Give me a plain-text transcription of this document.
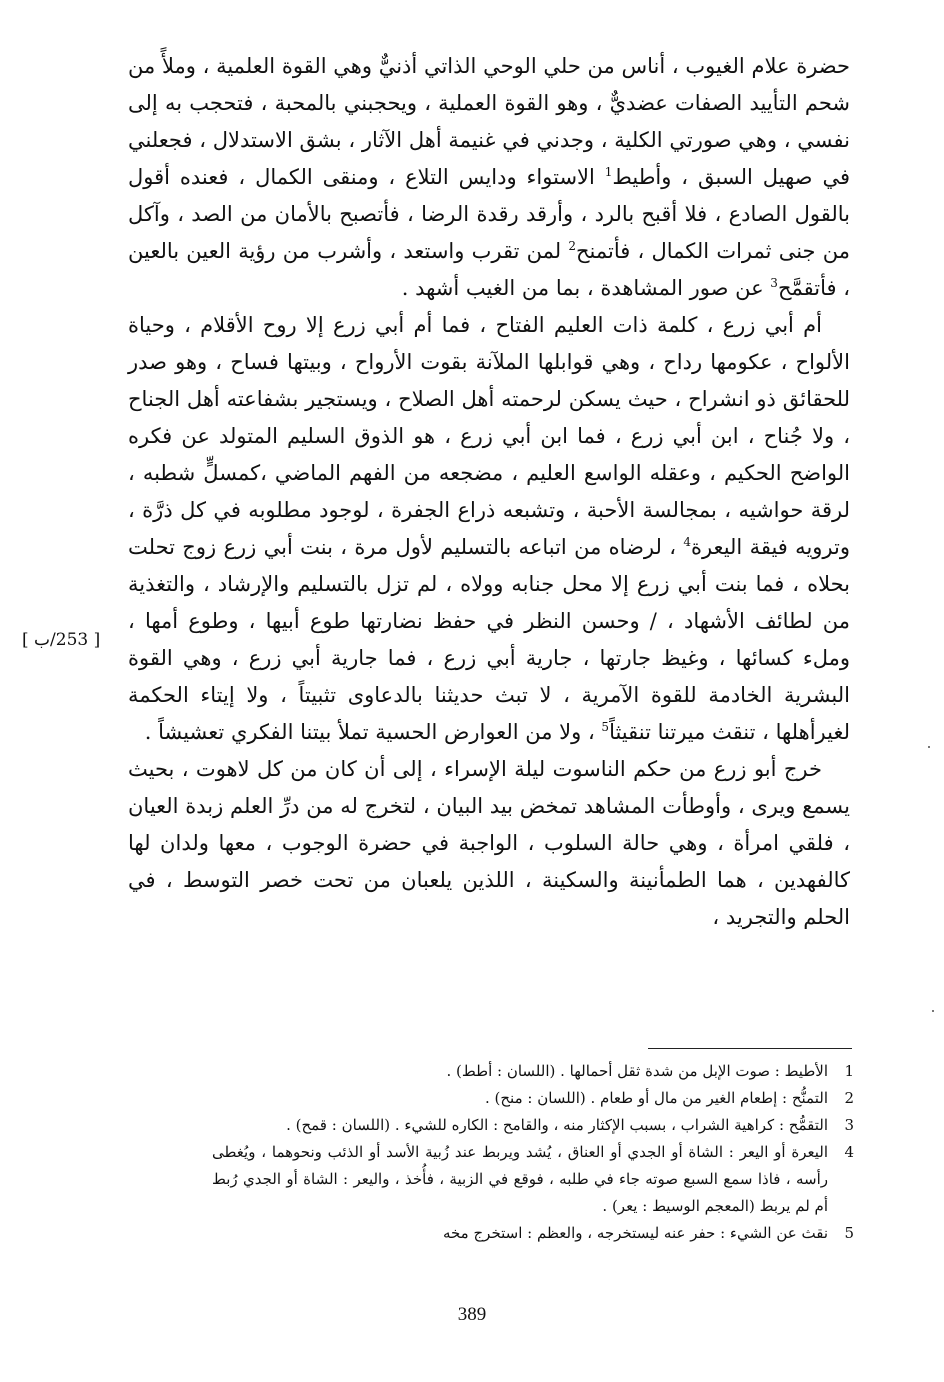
حضرة علام الغيوب ، أناس من حلي الوحي الذاتي أذنيٌّ وهي القوة العلمية ، وملأً من شحم التأييد الصفات عضديٌّ ، وهو القوة العملية ، ويحجبني بالمحبة ، فتحجب به إلى نفسي ، وهي صورتي الكلية ، وجدني في غنيمة أهل الآثار ، بشق الاستدلال ، فجعلني في صهيل السبق ، وأطيط$^1$ الاستواء ودايس التلاع ، ومنقى الكمال ، فعنده أقول بالقول الصادع ، فلا أقبح بالرد ، وأرقد رقدة الرضا ، فأتصبح بالأمان من الصد ، وآكل من جنى ثمرات الكمال ، فأتمنح$^2$ لمن تقرب واستعد ، وأشرب من رؤية العين بالعين ، فأتقمَّح$^3$ عن صور المشاهدة ، بما من الغيب أشهد .

أم أبي زرع ، كلمة ذات العليم الفتاح ، فما أم أبي زرع إلا روح الأقلام ، وحياة الألواح ، عكومها رداح ، وهي قوابلها الملآنة بقوت الأرواح ، وبيتها فساح ، وهو صدر للحقائق ذو انشراح ، حيث يسكن لرحمته أهل الصلاح ، ويستجير بشفاعته أهل الجناح ، ولا جُناح ، ابن أبي زرع ، فما ابن أبي زرع ، هو الذوق السليم المتولد عن فكره الواضح الحكيم ، وعقله الواسع العليم ، مضجعه من الفهم الماضي ،كمسلٍّ شطبه ، لرقة حواشيه ، بمجالسة الأحبة ، وتشبعه ذراع الجفرة ، لوجود مطلوبه في كل ذرَّة ، وترويه فيقة اليعرة$^4$ ، لرضاه من اتباعه بالتسليم لأول مرة ، بنت أبي زرع زوج تحلت بحلاه ، فما بنت أبي زرع إلا محل جنابه وولاه ، لم تزل بالتسليم والإرشاد ، والتغذية من لطائف الأشهاد ، / وحسن النظر في حفظ نضارتها طوع أبيها ، وطوع أمها ، وملء كسائها ، وغيظ جارتها ، جارية أبي زرع ، فما جارية أبي زرع ، وهي القوة البشرية الخادمة للقوة الآمرية ، لا تبث حديثنا بالدعاوى تثبيتاً ، ولا إيتاء الحكمة لغيرأهلها ، تنقث ميرتنا تنقيثاً$^5$ ، ولا من العوارض الحسية تملأ بيتنا الفكري تعشيشاً .

خرج أبو زرع من حكم الناسوت ليلة الإسراء ، إلى أن كان من كل لاهوت ، بحيث يسمع ويرى ، وأوطأت المشاهد تمخض بيد البيان ، لتخرج له من درِّ العلم زبدة العيان ، فلقي امرأة ، وهي حالة السلوب ، الواجبة في حضرة الوجوب ، معها ولدان لها كالفهدين ، هما الطمأنينة والسكينة ، اللذين يلعبان من تحت خصر التوسط ، في الحلم والتجريد ،

[ 253/ب ]
1
الأطيط : صوت الإبل من شدة ثقل أحمالها . (اللسان : أطط) .
2
التمنُّح : إطعام الغير من مال أو طعام . (اللسان : منح) .
3
التقمُّح : كراهية الشراب ، بسبب الإكثار منه ، والقامح : الكاره للشيء . (اللسان : قمح) .
4
اليعرة أو اليعر : الشاة أو الجدي أو العناق ، يُشد ويربط عند زُبية الأسد أو الذئب ونحوهما ، ويُغطى رأسه ، فاذا سمع السبع صوته جاء في طلبه ، فوقع في الزبية ، فأُخذ ، واليعر : الشاة أو الجدي رُبط أم لم يربط (المعجم الوسيط : يعر) .
5
نقث عن الشيء : حفر عنه ليستخرجه ، والعظم : استخرج مخه
389
